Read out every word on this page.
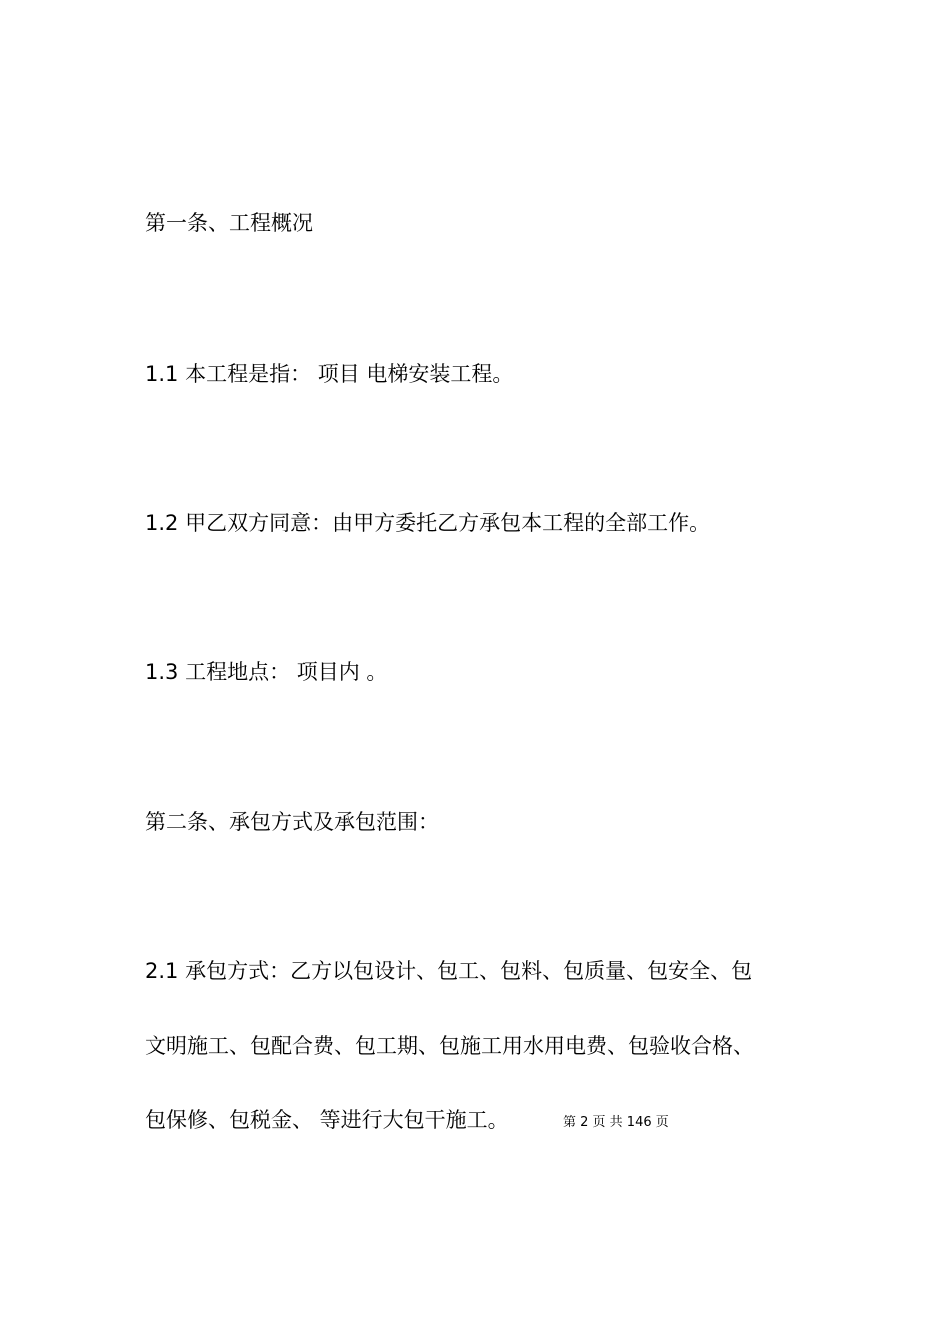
第一条、工程概况
1.1 本工程是指： 项目 电梯安装工程。
1.2 甲乙双方同意：由甲方委托乙方承包本工程的全部工作。
1.3 工程地点： 项目内 。
第二条、承包方式及承包范围：
2.1 承包方式：乙方以包设计、包工、包料、包质量、包安全、包
文明施工、包配合费、包工期、包施工用水用电费、包验收合格、
包保修、包税金、 等进行大包干施工。	第 2 页 共 146 页
